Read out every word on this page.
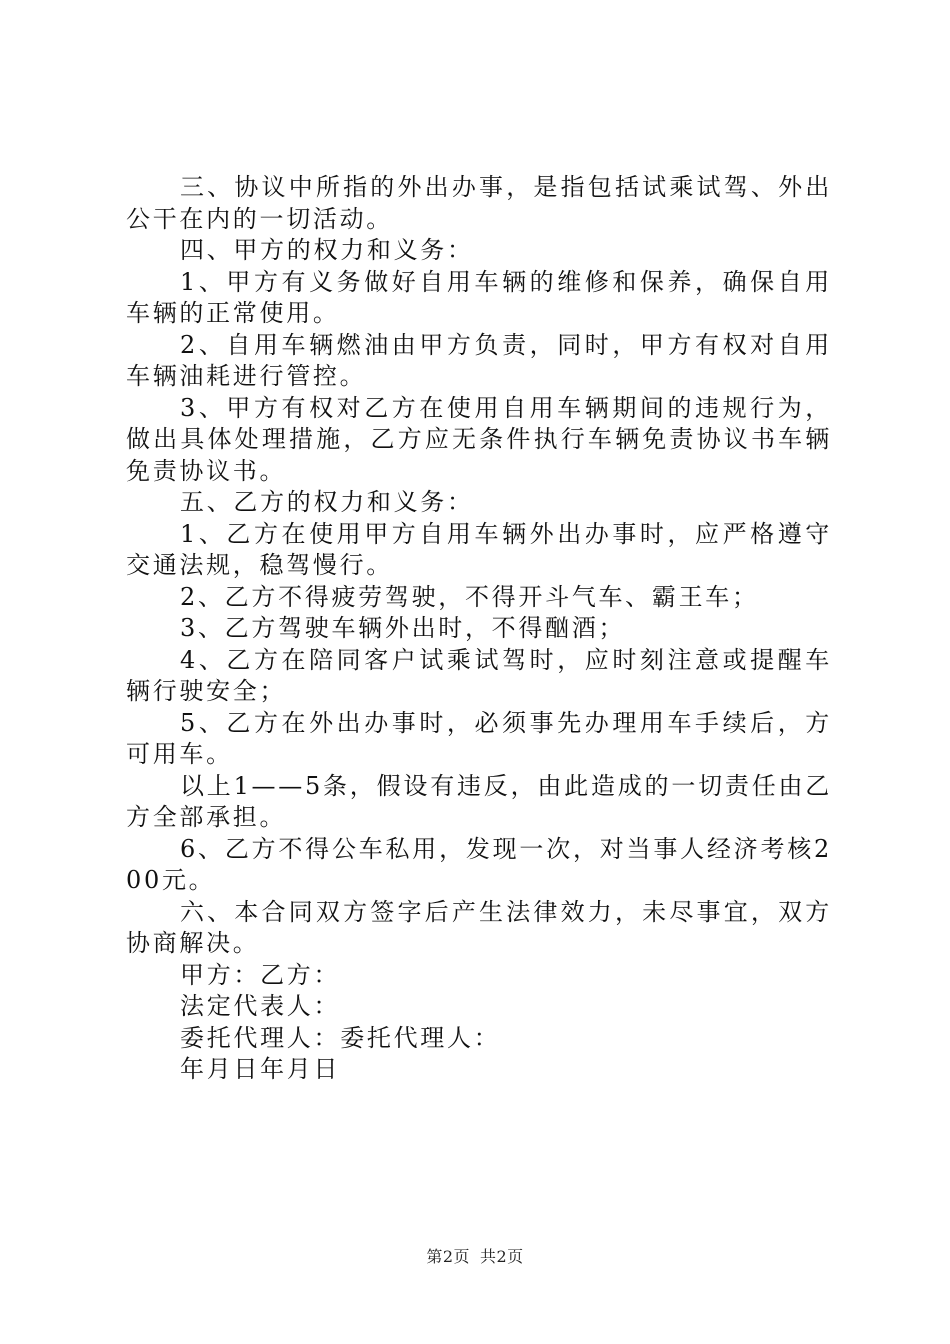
三、协议中所指的外出办事，是指包括试乘试驾、外出公干在内的一切活动。

四、甲方的权力和义务：

1、甲方有义务做好自用车辆的维修和保养，确保自用车辆的正常使用。

2、自用车辆燃油由甲方负责，同时，甲方有权对自用车辆油耗进行管控。

3、甲方有权对乙方在使用自用车辆期间的违规行为，做出具体处理措施，乙方应无条件执行车辆免责协议书车辆免责协议书。

五、乙方的权力和义务：

1、乙方在使用甲方自用车辆外出办事时，应严格遵守交通法规，稳驾慢行。

2、乙方不得疲劳驾驶，不得开斗气车、霸王车；

3、乙方驾驶车辆外出时，不得酗酒；

4、乙方在陪同客户试乘试驾时，应时刻注意或提醒车辆行驶安全；

5、乙方在外出办事时，必须事先办理用车手续后，方可用车。

以上1——5条，假设有违反，由此造成的一切责任由乙方全部承担。

6、乙方不得公车私用，发现一次，对当事人经济考核200元。

六、本合同双方签字后产生法律效力，未尽事宜，双方协商解决。

甲方：乙方：

法定代表人：

委托代理人：委托代理人：

年月日年月日

第2页 共2页
